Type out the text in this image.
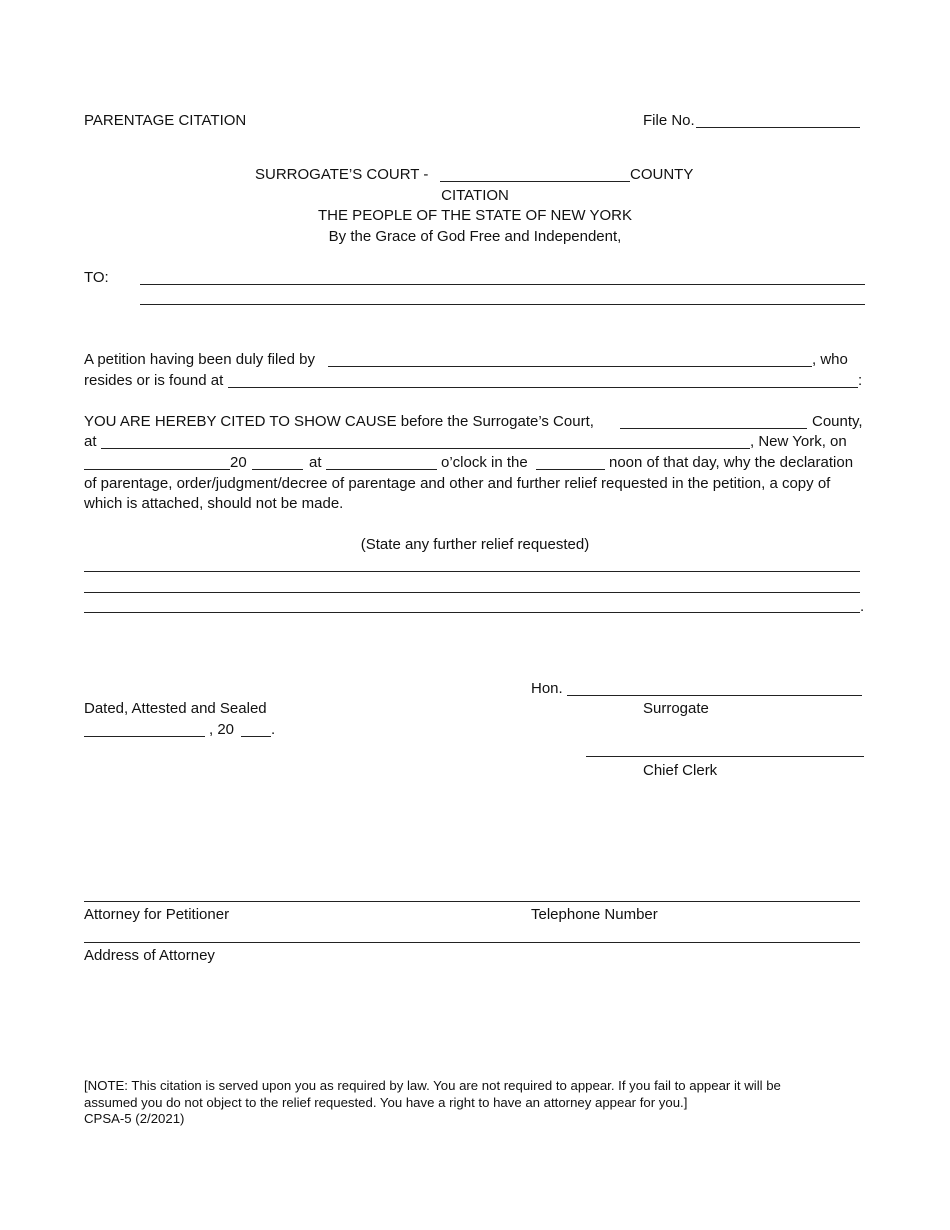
PARENTAGE CITATION	File No.
SURROGATE’S COURT -	COUNTY
CITATION
THE PEOPLE OF THE STATE OF NEW YORK
By the Grace of God Free and Independent,
TO:
A petition having been duly filed by	, who
resides or is found at	:
YOU ARE HEREBY CITED TO SHOW CAUSE before the Surrogate’s Court,	County,
at	, New York, on
20	at	o’clock in the	noon of that day, why the declaration
of parentage, order/judgment/decree of parentage and other and further relief requested in the petition, a copy of
which is attached, should not be made.
(State any further relief requested)
.
Hon.
Surrogate
Dated, Attested and Sealed
, 20 .
Chief Clerk
Attorney for Petitioner	Telephone Number
Address of Attorney
[NOTE: This citation is served upon you as required by law. You are not required to appear. If you fail to appear it will be
assumed you do not object to the relief requested. You have a right to have an attorney appear for you.]
CPSA-5 (2/2021)
